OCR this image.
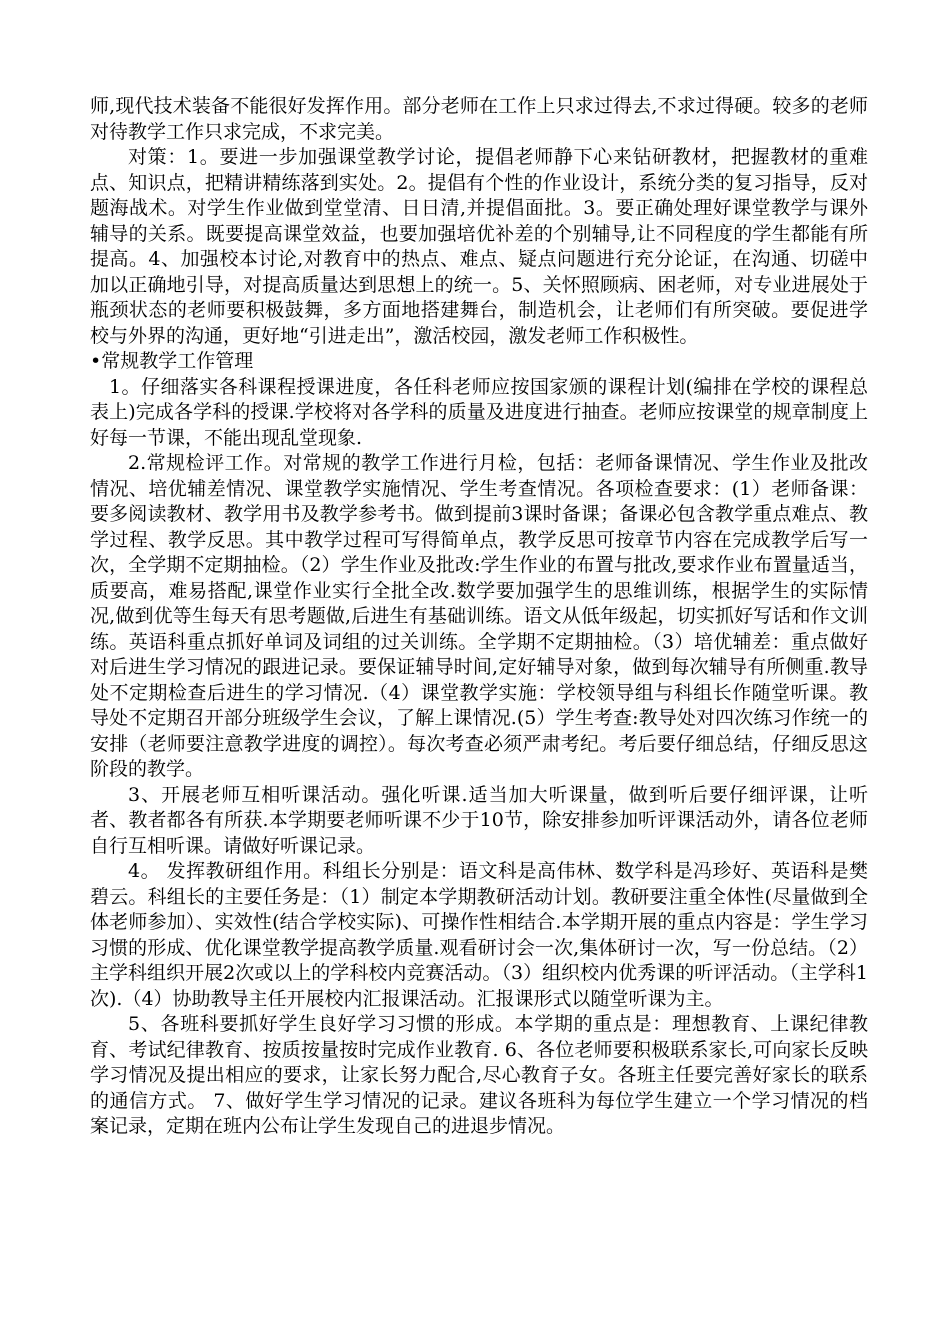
师,现代技术装备不能很好发挥作用。部分老师在工作上只求过得去,不求过得硬。较多的老师对待教学工作只求完成，不求完美。

对策：1。要进一步加强课堂教学讨论，提倡老师静下心来钻研教材，把握教材的重难点、知识点，把精讲精练落到实处。2。提倡有个性的作业设计，系统分类的复习指导，反对题海战术。对学生作业做到堂堂清、日日清,并提倡面批。3。要正确处理好课堂教学与课外辅导的关系。既要提高课堂效益，也要加强培优补差的个别辅导,让不同程度的学生都能有所提高。4、加强校本讨论,对教育中的热点、难点、疑点问题进行充分论证，在沟通、切磋中加以正确地引导，对提高质量达到思想上的统一。5、关怀照顾病、困老师，对专业进展处于瓶颈状态的老师要积极鼓舞，多方面地搭建舞台，制造机会，让老师们有所突破。要促进学校与外界的沟通，更好地“引进走出”，激活校园，激发老师工作积极性。

•常规教学工作管理

1。仔细落实各科课程授课进度，各任科老师应按国家颁的课程计划(编排在学校的课程总表上)完成各学科的授课.学校将对各学科的质量及进度进行抽查。老师应按课堂的规章制度上好每一节课，不能出现乱堂现象.

2.常规检评工作。对常规的教学工作进行月检，包括：老师备课情况、学生作业及批改情况、培优辅差情况、课堂教学实施情况、学生考查情况。各项检查要求：(1）老师备课：要多阅读教材、教学用书及教学参考书。做到提前3课时备课；备课必包含教学重点难点、教学过程、教学反思。其中教学过程可写得简单点，教学反思可按章节内容在完成教学后写一次，全学期不定期抽检。（2）学生作业及批改:学生作业的布置与批改,要求作业布置量适当，质要高，难易搭配,课堂作业实行全批全改.数学要加强学生的思维训练，根据学生的实际情况,做到优等生每天有思考题做,后进生有基础训练。语文从低年级起，切实抓好写话和作文训练。英语科重点抓好单词及词组的过关训练。全学期不定期抽检。（3）培优辅差：重点做好对后进生学习情况的跟进记录。要保证辅导时间,定好辅导对象，做到每次辅导有所侧重.教导处不定期检查后进生的学习情况.（4）课堂教学实施：学校领导组与科组长作随堂听课。教导处不定期召开部分班级学生会议，了解上课情况.(5）学生考查:教导处对四次练习作统一的安排（老师要注意教学进度的调控）。每次考查必须严肃考纪。考后要仔细总结，仔细反思这阶段的教学。

3、开展老师互相听课活动。强化听课.适当加大听课量，做到听后要仔细评课，让听者、教者都各有所获.本学期要老师听课不少于10节，除安排参加听评课活动外，请各位老师自行互相听课。请做好听课记录。

4。 发挥教研组作用。科组长分别是：语文科是高伟林、数学科是冯珍好、英语科是樊碧云。科组长的主要任务是：（1）制定本学期教研活动计划。教研要注重全体性(尽量做到全体老师参加）、实效性(结合学校实际)、可操作性相结合.本学期开展的重点内容是：学生学习习惯的形成、优化课堂教学提高教学质量.观看研讨会一次,集体研讨一次，写一份总结。（2）主学科组织开展2次或以上的学科校内竞赛活动。（3）组织校内优秀课的听评活动。（主学科1次).（4）协助教导主任开展校内汇报课活动。汇报课形式以随堂听课为主。

5、各班科要抓好学生良好学习习惯的形成。本学期的重点是：理想教育、上课纪律教育、考试纪律教育、按质按量按时完成作业教育. 6、各位老师要积极联系家长,可向家长反映学习情况及提出相应的要求，让家长努力配合,尽心教育子女。各班主任要完善好家长的联系的通信方式。 7、做好学生学习情况的记录。建议各班科为每位学生建立一个学习情况的档案记录，定期在班内公布让学生发现自己的进退步情况。
